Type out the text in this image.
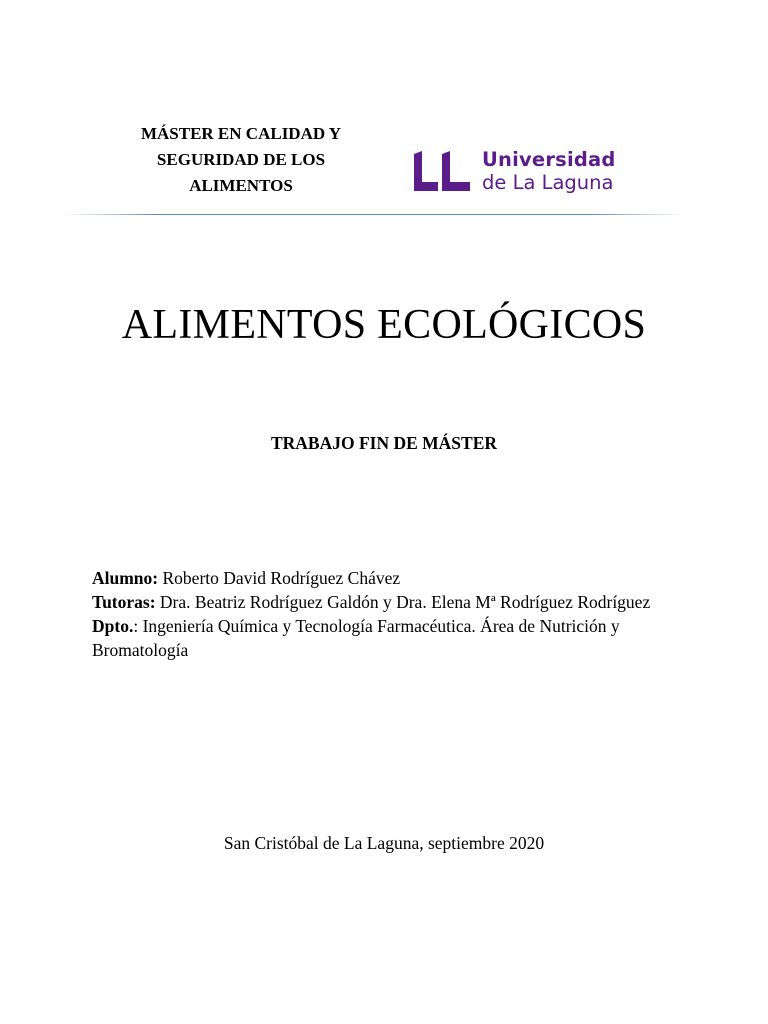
MÁSTER EN CALIDAD Y
SEGURIDAD DE LOS
ALIMENTOS
Universidad
de La Laguna
ALIMENTOS ECOLÓGICOS
TRABAJO FIN DE MÁSTER

Alumno: Roberto David Rodríguez Chávez

Tutoras: Dra. Beatriz Rodríguez Galdón y Dra. Elena Mª Rodríguez Rodríguez

Dpto.: Ingeniería Química y Tecnología Farmacéutica. Área de Nutrición y Bromatología

San Cristóbal de La Laguna, septiembre 2020
